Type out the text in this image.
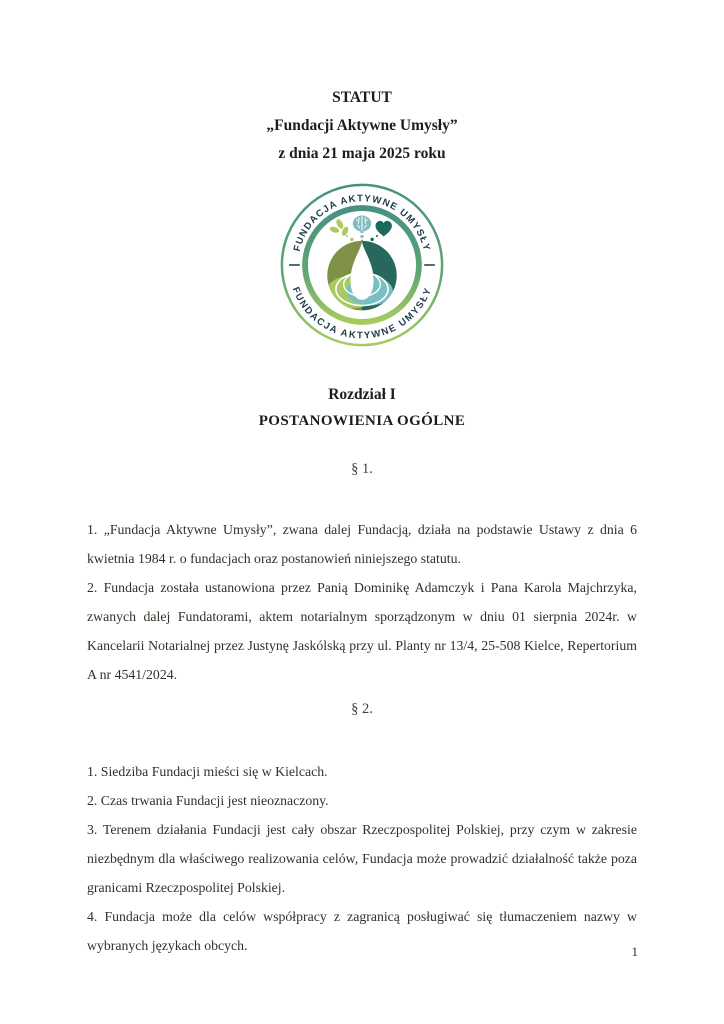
STATUT
„Fundacji Aktywne Umysły”
z dnia 21 maja 2025 roku
FUNDACJA AKTYWNE UMYSŁY
FUNDACJA AKTYWNE UMYSŁY
Rozdział I
POSTANOWIENIA OGÓLNE
§ 1.

1. „Fundacja Aktywne Umysły”, zwana dalej Fundacją, działa na podstawie Ustawy z dnia 6 kwietnia 1984 r. o fundacjach oraz postanowień niniejszego statutu.

2. Fundacja została ustanowiona przez Panią Dominikę Adamczyk i Pana Karola Majchrzyka, zwanych dalej Fundatorami, aktem notarialnym sporządzonym w dniu 01 sierpnia 2024r. w Kancelarii Notarialnej przez Justynę Jaskólską przy ul. Planty nr 13/4, 25-508 Kielce, Repertorium A nr 4541/2024.

§ 2.

1. Siedziba Fundacji mieści się w Kielcach.

2. Czas trwania Fundacji jest nieoznaczony.

3. Terenem działania Fundacji jest cały obszar Rzeczpospolitej Polskiej, przy czym w zakresie niezbędnym dla właściwego realizowania celów, Fundacja może prowadzić działalność także poza granicami Rzeczpospolitej Polskiej.

4. Fundacja może dla celów współpracy z zagranicą posługiwać się tłumaczeniem nazwy w wybranych językach obcych.	1
